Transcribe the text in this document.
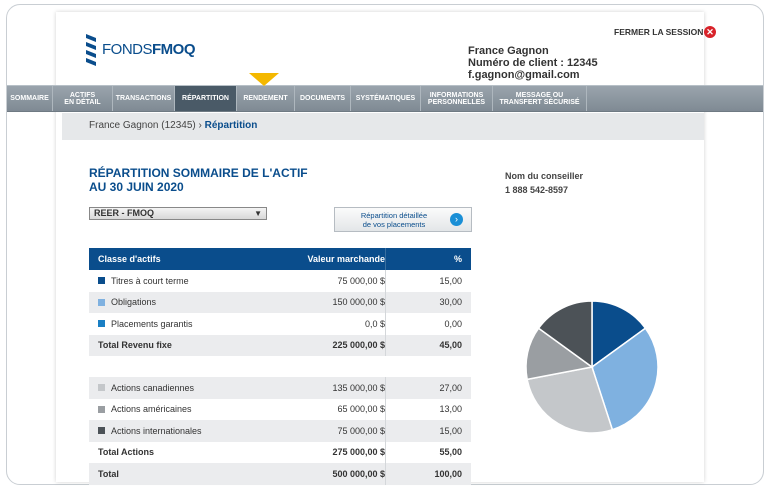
FONDSFMOQ	France Gagnon
Numéro de client : 12345
f.gagnon@gmail.com
FERMER LA SESSION ✕
SOMMAIRE	ACTIFS
EN DÉTAIL	TRANSACTIONS	RÉPARTITION	RENDEMENT	DOCUMENTS	SYSTÉMATIQUES	INFORMATIONS
PERSONNELLES
MESSAGE OU
TRANSFERT SÉCURISÉ
France Gagnon (12345) › Répartition
RÉPARTITION SOMMAIRE DE L'ACTIF
AU 30 JUIN 2020
Nom du conseiller
1 888 542-8597
REER - FMOQ	▼	Répartition détaillée
de vos placements
›
Classe d'actifs	Valeur marchande	%
Titres à court terme	75 000,00 $	15,00
Obligations	150 000,00 $	30,00
Placements garantis	0,0 $	0,00
Total Revenu fixe	225 000,00 $	45,00
Actions canadiennes	135 000,00 $	27,00
Actions américaines	65 000,00 $	13,00
Actions internationales	75 000,00 $	15,00
Total Actions	275 000,00 $	55,00
Total	500 000,00 $	100,00
